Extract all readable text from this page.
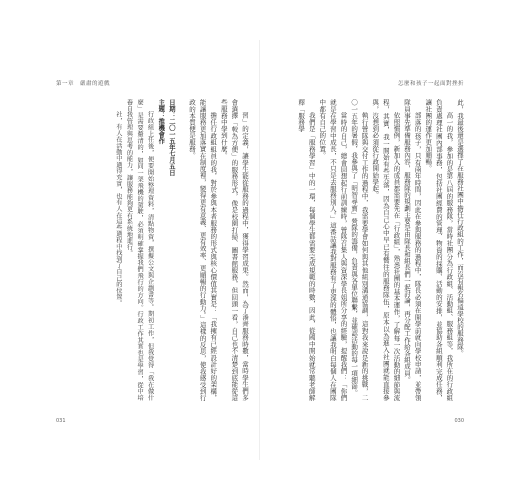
第一章　嚴肅的遊戲

習」的定義，讓學生能從服務的過程中，獲得學習成果。然而，為了湊齊服務時數，當時學生們多會選擇「較為方便」的服務形式，像是校園打掃、圖書館服務，但回頭一看，自己也不清楚到底能從這些服務中學到什麼。

擔任行政組組員的我，對於參與本者服務的形式與核心價值其實是：「我擁有已經設計好的架構，能讓服務更加落實在制度裡，變得更有意義、更有效率、更順暢的行動力。」這樣的反思，使我感受到行政的本質便是服務。

日期：二〇一五年七月五日

主題：推機會作

行政組上任後，便要開始整理資料，清點物資，撰擬公文與企劃書等。期初工作，但我覺得「我在做什麼」是需要釐清的，如同一架飛機的駕駛，必須明確掌握我們飛行的方向。行政工作其實也是學習，從中培養自我管理與思考的能力，讓服務能夠更有系統地進行。

社，有人在活動中過得充實，也有人在這些過程中找到了自己的位置。

031
怎麼和孩子一起面對挫折

此，我最後還是選擇了在服務社團中擔任行政組的工作，而沒有報名偏遠學校的服務隊。

高一的我，參加的是第八屆的服務隊，當時社團分為行政組、活動組、服務組等，我所在的行政組負責處理社團內部事務，包括社團經費的管理、物資的採購、活動的安排，並協助各組順利完成任務，讓社團的運作更加順暢。

部落的孩子，只有兩年時間，因此在參與服務的過程中，隊長必須在開學前就向學校申請，並帶領隊員事先準備服務內容，服務隊的規劃主要是由隊長和組長們一起討論，再分配工作給各組成員。

依照慣例，新加入的成員都需要先在「行政組」，熟悉社團的基本運作，了解每一次活動的細節與流程，其實，我一開始有些失落，因為自己心中早已有嚮往的服務隊伍，原本以為進入社團就能直接參與，沒想到必須從行政開始學起。

執行營隊與交付工作的過程中，我需要學會如何與其他組別溝通協調，這對我來說是新的挑戰，二〇一五年的暑假，我參與了「明智尋寶」營隊的籌備，負責與各單位聯繫，並確認活動的每一項細節。

當時的自己，總會回想起行前訓練時，營隊召集人與資深學長姐所分享的經驗，提醒我們：「你們就是在學習中成長，不只是去服務別人。」這番話讓我對服務有了更深的體悟，也讓我明白每個人在團隊中都有自己的位置。

我們是「服務學習」中的一環，每個學生都需要完成規範的時數，因此，從國中開始就常聽老師解釋「服務學

030
